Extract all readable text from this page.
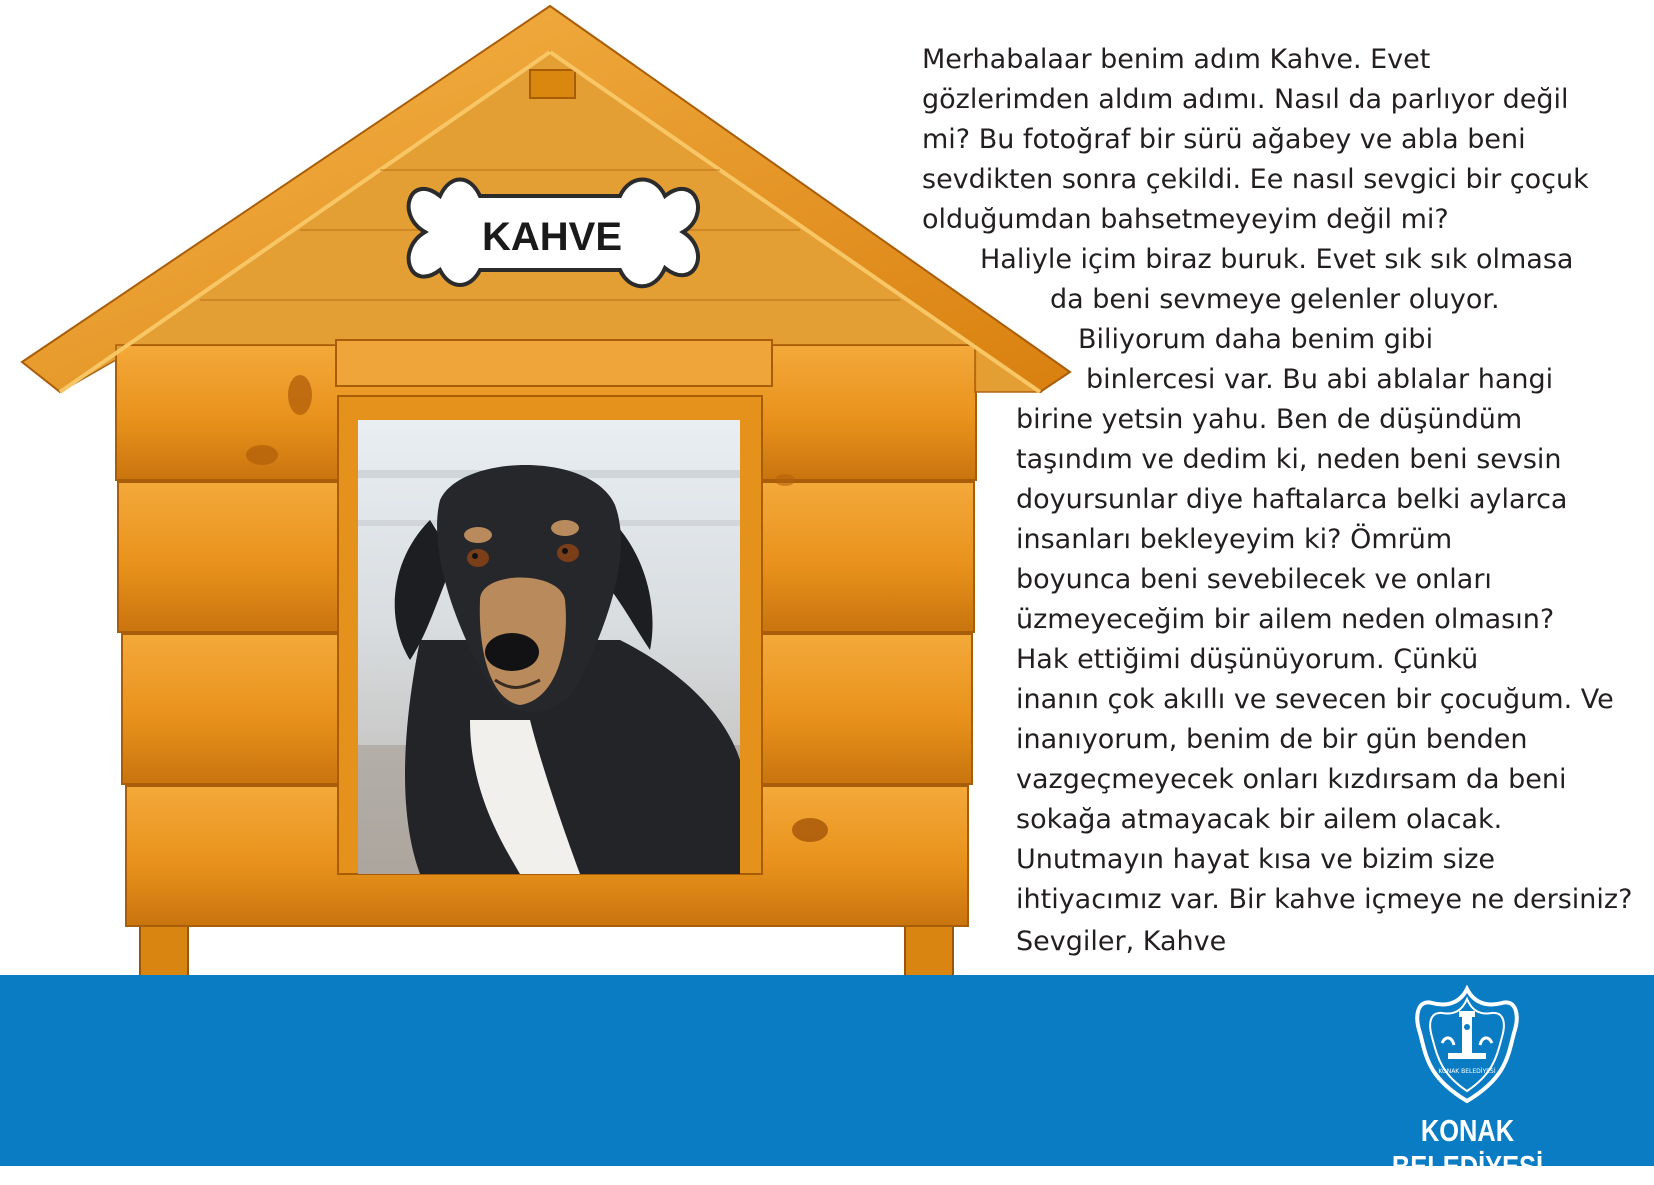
KAHVE
Merhabalaar benim adım Kahve. Evet
gözlerimden aldım adımı. Nasıl da parlıyor değil
mi? Bu fotoğraf bir sürü ağabey ve abla beni
sevdikten sonra çekildi. Ee nasıl sevgici bir çoçuk
olduğumdan bahsetmeyeyim değil mi?
Haliyle içim biraz buruk. Evet sık sık olmasa
da beni sevmeye gelenler oluyor.
Biliyorum daha benim gibi
binlercesi var. Bu abi ablalar hangi
birine yetsin yahu. Ben de düşündüm
taşındım ve dedim ki, neden beni sevsin
doyursunlar diye haftalarca belki aylarca
insanları bekleyeyim ki? Ömrüm
boyunca beni sevebilecek ve onları
üzmeyeceğim bir ailem neden olmasın?
Hak ettiğimi düşünüyorum. Çünkü
inanın çok akıllı ve sevecen bir çocuğum. Ve
inanıyorum, benim de bir gün benden
vazgeçmeyecek onları kızdırsam da beni
sokağa atmayacak bir ailem olacak.
Unutmayın hayat kısa ve bizim size
ihtiyacımız var. Bir kahve içmeye ne dersiniz?
Sevgiler, Kahve
KONAK BELEDİYESİ
KONAK BELEDİYESİ
